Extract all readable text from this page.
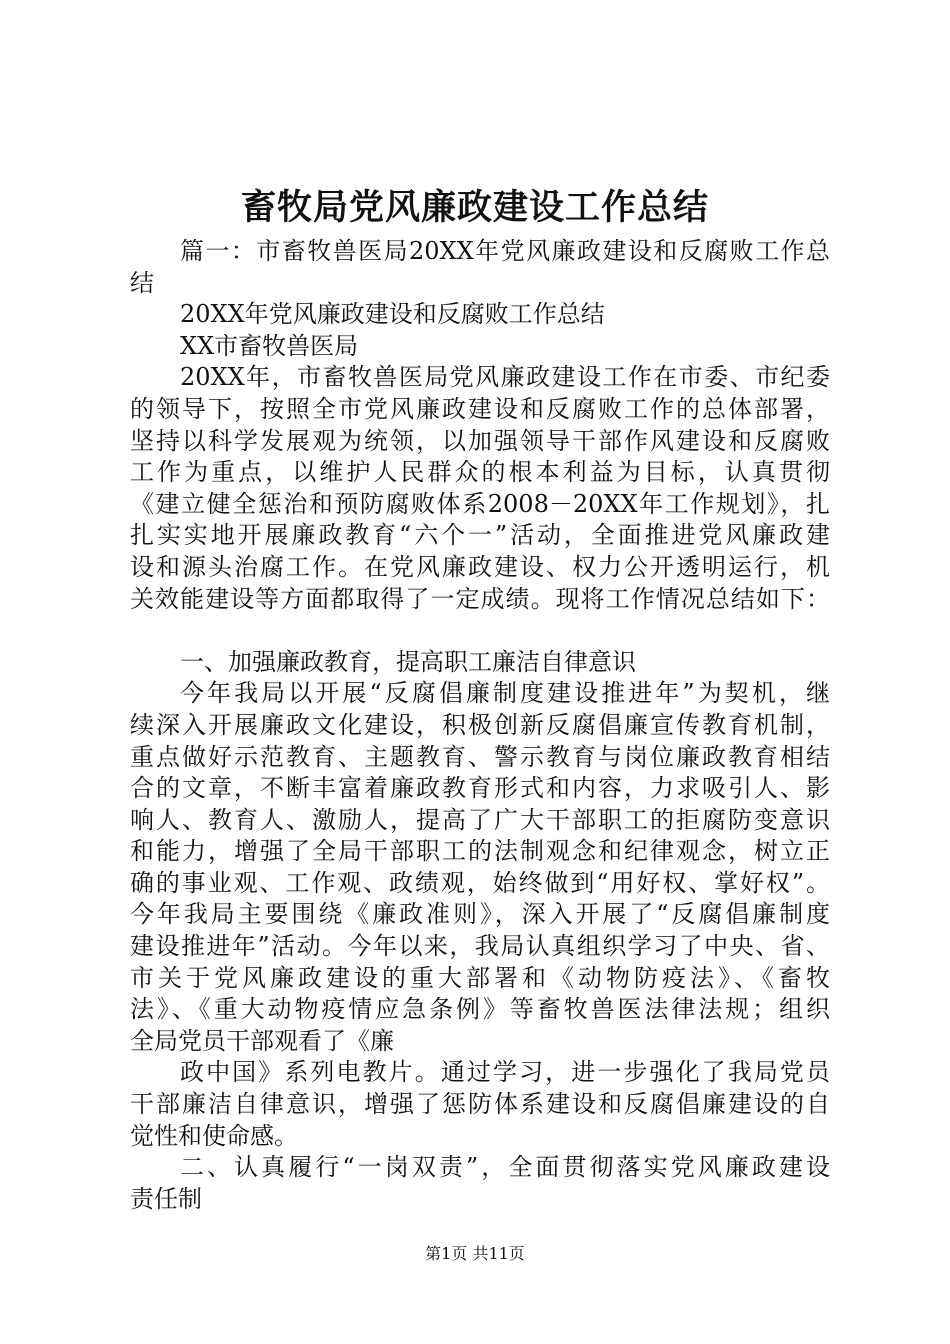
畜牧局党风廉政建设工作总结
篇一：市畜牧兽医局20XX年党风廉政建设和反腐败工作总
结
20XX年党风廉政建设和反腐败工作总结
XX市畜牧兽医局
20XX年，市畜牧兽医局党风廉政建设工作在市委、市纪委
的领导下，按照全市党风廉政建设和反腐败工作的总体部署，
坚持以科学发展观为统领，以加强领导干部作风建设和反腐败
工作为重点，以维护人民群众的根本利益为目标，认真贯彻
《建立健全惩治和预防腐败体系2008－20XX年工作规划》，扎
扎实实地开展廉政教育“六个一”活动，全面推进党风廉政建
设和源头治腐工作。在党风廉政建设、权力公开透明运行，机
关效能建设等方面都取得了一定成绩。现将工作情况总结如下：
一、加强廉政教育，提高职工廉洁自律意识
今年我局以开展“反腐倡廉制度建设推进年”为契机，继
续深入开展廉政文化建设，积极创新反腐倡廉宣传教育机制，
重点做好示范教育、主题教育、警示教育与岗位廉政教育相结
合的文章，不断丰富着廉政教育形式和内容，力求吸引人、影
响人、教育人、激励人，提高了广大干部职工的拒腐防变意识
和能力，增强了全局干部职工的法制观念和纪律观念，树立正
确的事业观、工作观、政绩观，始终做到“用好权、掌好权”。
今年我局主要围绕《廉政准则》，深入开展了“反腐倡廉制度
建设推进年”活动。今年以来，我局认真组织学习了中央、省、
市关于党风廉政建设的重大部署和《动物防疫法》、《畜牧
法》、《重大动物疫情应急条例》等畜牧兽医法律法规；组织
全局党员干部观看了《廉
政中国》系列电教片。通过学习，进一步强化了我局党员
干部廉洁自律意识，增强了惩防体系建设和反腐倡廉建设的自
觉性和使命感。
二、认真履行“一岗双责”，全面贯彻落实党风廉政建设
责任制
第1页 共11页
